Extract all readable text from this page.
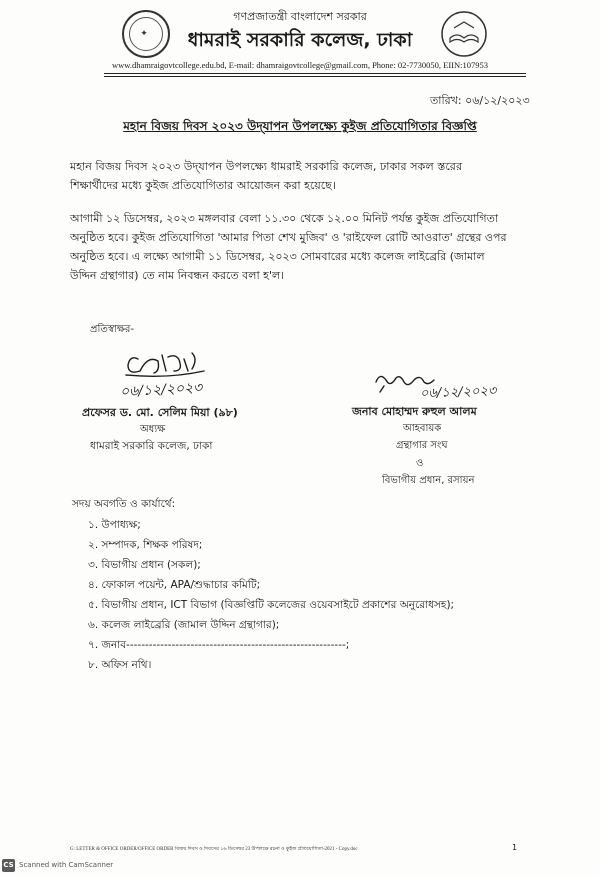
✦
গণপ্রজাতন্ত্রী বাংলাদেশ সরকার
ধামরাই সরকারি কলেজ, ঢাকা
www.dhamraigovtcollege.edu.bd, E-mail: dhamraigovtcollege@gmail.com, Phone: 02-7730050, EIIN:107953
তারিখ: ০৬/১২/২০২৩
মহান বিজয় দিবস ২০২৩ উদ্‌যাপন উপলক্ষ্যে কুইজ প্রতিযোগিতার বিজ্ঞপ্তি
মহান বিজয় দিবস ২০২৩ উদ্‌যাপন উপলক্ষ্যে ধামরাই সরকারি কলেজ, ঢাকার সকল স্তরের
শিক্ষার্থীদের মধ্যে কুইজ প্রতিযোগিতার আয়োজন করা হয়েছে।
আগামী ১২ ডিসেম্বর, ২০২৩ মঙ্গলবার বেলা ১১.৩০ থেকে ১২.০০ মিনিট পর্যন্ত কুইজ প্রতিযোগিতা
অনুষ্ঠিত হবে। কুইজ প্রতিযোগিতা 'আমার পিতা শেখ মুজিব' ও 'রাইফেল রোটি আওরাত' গ্রন্থের ওপর
অনুষ্ঠিত হবে। এ লক্ষ্যে আগামী ১১ ডিসেম্বর, ২০২৩ সোমবারের মধ্যে কলেজ লাইব্রেরি (জামাল
উদ্দিন গ্রন্থাগার) তে নাম নিবন্ধন করতে বলা হ'ল।
প্রতিস্বাক্ষর-
০৬/১২/২০২৩
প্রফেসর ড. মো. সেলিম মিয়া (৯৮)
অধ্যক্ষ
ধামরাই সরকারি কলেজ, ঢাকা
০৬/১২/২০২৩
জনাব মোহাম্মদ রুহুল আলম
আহবায়ক
গ্রন্থাগার সংঘ
ও
বিভাগীয় প্রধান, রসায়ন
সদয় অবগতি ও কার্যার্থে:
১. উপাধ্যক্ষ;
২. সম্পাদক, শিক্ষক পরিষদ;
৩. বিভাগীয় প্রধান (সকল);
৪. ফোকাল পয়েন্ট, APA/শুদ্ধাচার কমিটি;
৫. বিভাগীয় প্রধান, ICT বিভাগ (বিজ্ঞপ্তিটি কলেজের ওয়েবসাইটে প্রকাশের অনুরোধসহ);
৬. কলেজ লাইব্রেরি (জামাল উদ্দিন গ্রন্থাগার);
৭. জনাব----------------------------------------------------------;
৮. অফিস নথি।
G: LETTER & OFFICE ORDER/OFFICE ORDER বিজয় দিবস ও দিবসের ১৬ ডিসেম্বর 23 উপলক্ষে রচনা ও কুইজ প্রতিযোগিতা-2021 - Copy.doc	1
CS Scanned with CamScanner
